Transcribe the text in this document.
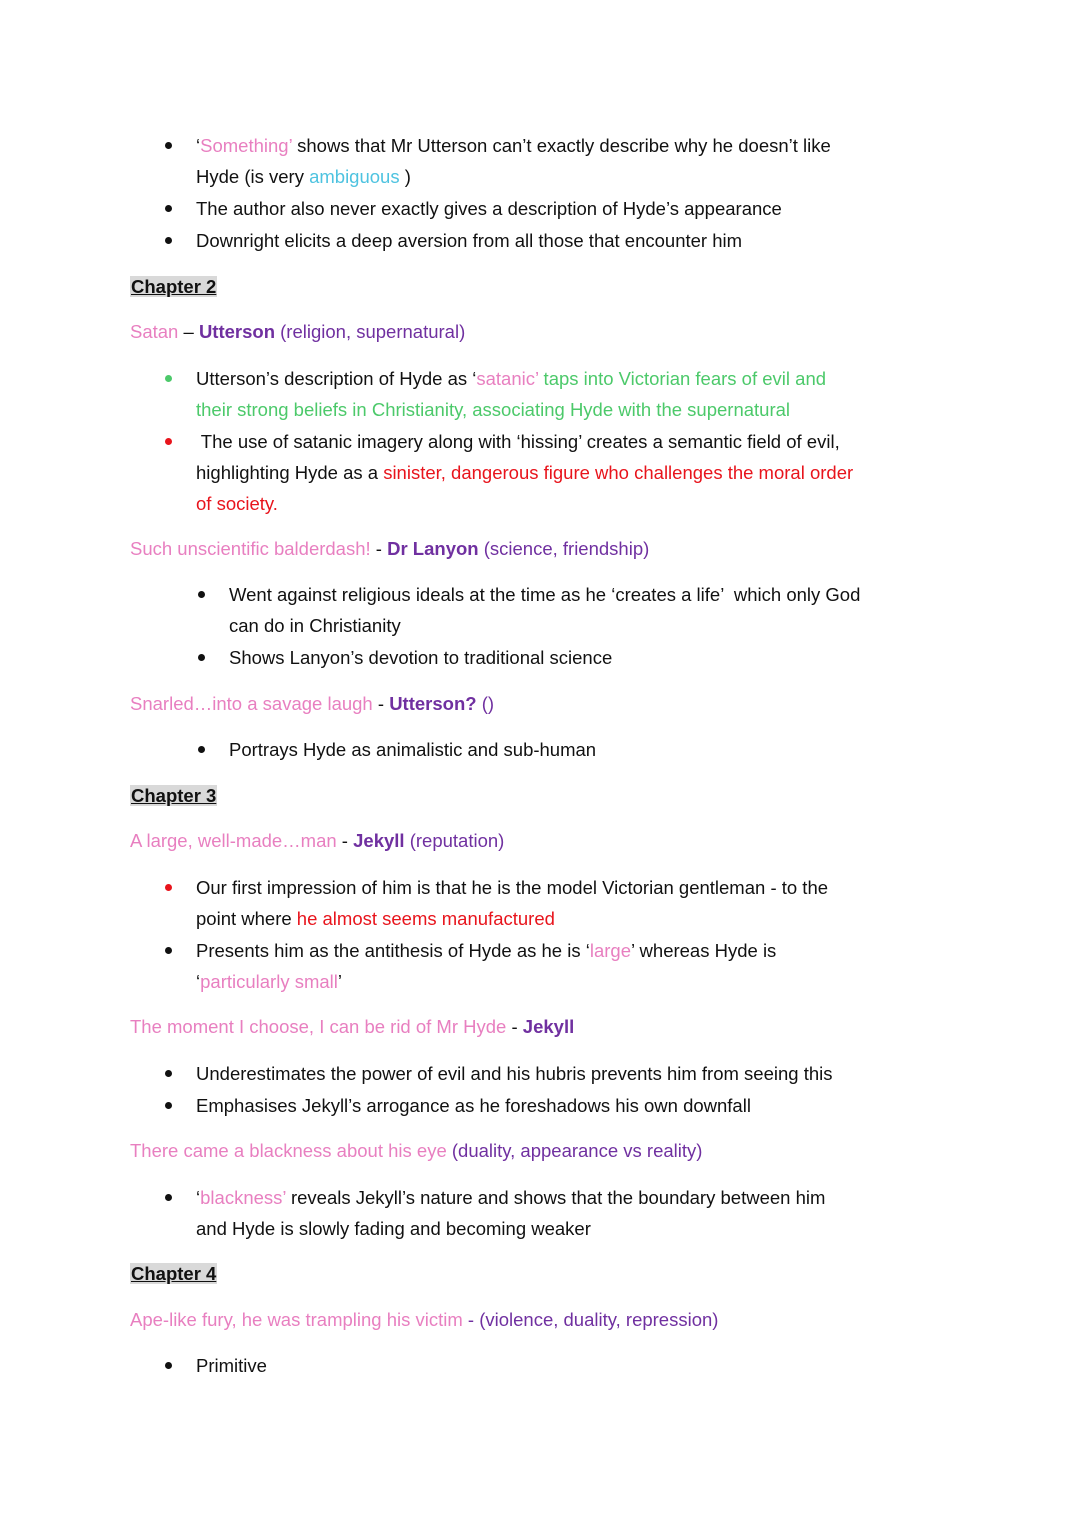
‘Something’ shows that Mr Utterson can’t exactly describe why he doesn’t like
Hyde (is very ambiguous )
The author also never exactly gives a description of Hyde’s appearance
Downright elicits a deep aversion from all those that encounter him
Chapter 2
Satan – Utterson (religion, supernatural)
Utterson’s description of Hyde as ‘satanic’ taps into Victorian fears of evil and
their strong beliefs in Christianity, associating Hyde with the supernatural
The use of satanic imagery along with ‘hissing’ creates a semantic field of evil,
highlighting Hyde as a sinister, dangerous figure who challenges the moral order
of society.
Such unscientific balderdash! - Dr Lanyon (science, friendship)
Went against religious ideals at the time as he ‘creates a life’  which only God
can do in Christianity
Shows Lanyon’s devotion to traditional science
Snarled…into a savage laugh - Utterson? ()
Portrays Hyde as animalistic and sub-human
Chapter 3
A large, well-made…man - Jekyll (reputation)
Our first impression of him is that he is the model Victorian gentleman - to the
point where he almost seems manufactured
Presents him as the antithesis of Hyde as he is ‘large’ whereas Hyde is
‘particularly small’
The moment I choose, I can be rid of Mr Hyde - Jekyll
Underestimates the power of evil and his hubris prevents him from seeing this
Emphasises Jekyll’s arrogance as he foreshadows his own downfall
There came a blackness about his eye (duality, appearance vs reality)
‘blackness’ reveals Jekyll’s nature and shows that the boundary between him
and Hyde is slowly fading and becoming weaker
Chapter 4
Ape-like fury, he was trampling his victim - (violence, duality, repression)
Primitive
